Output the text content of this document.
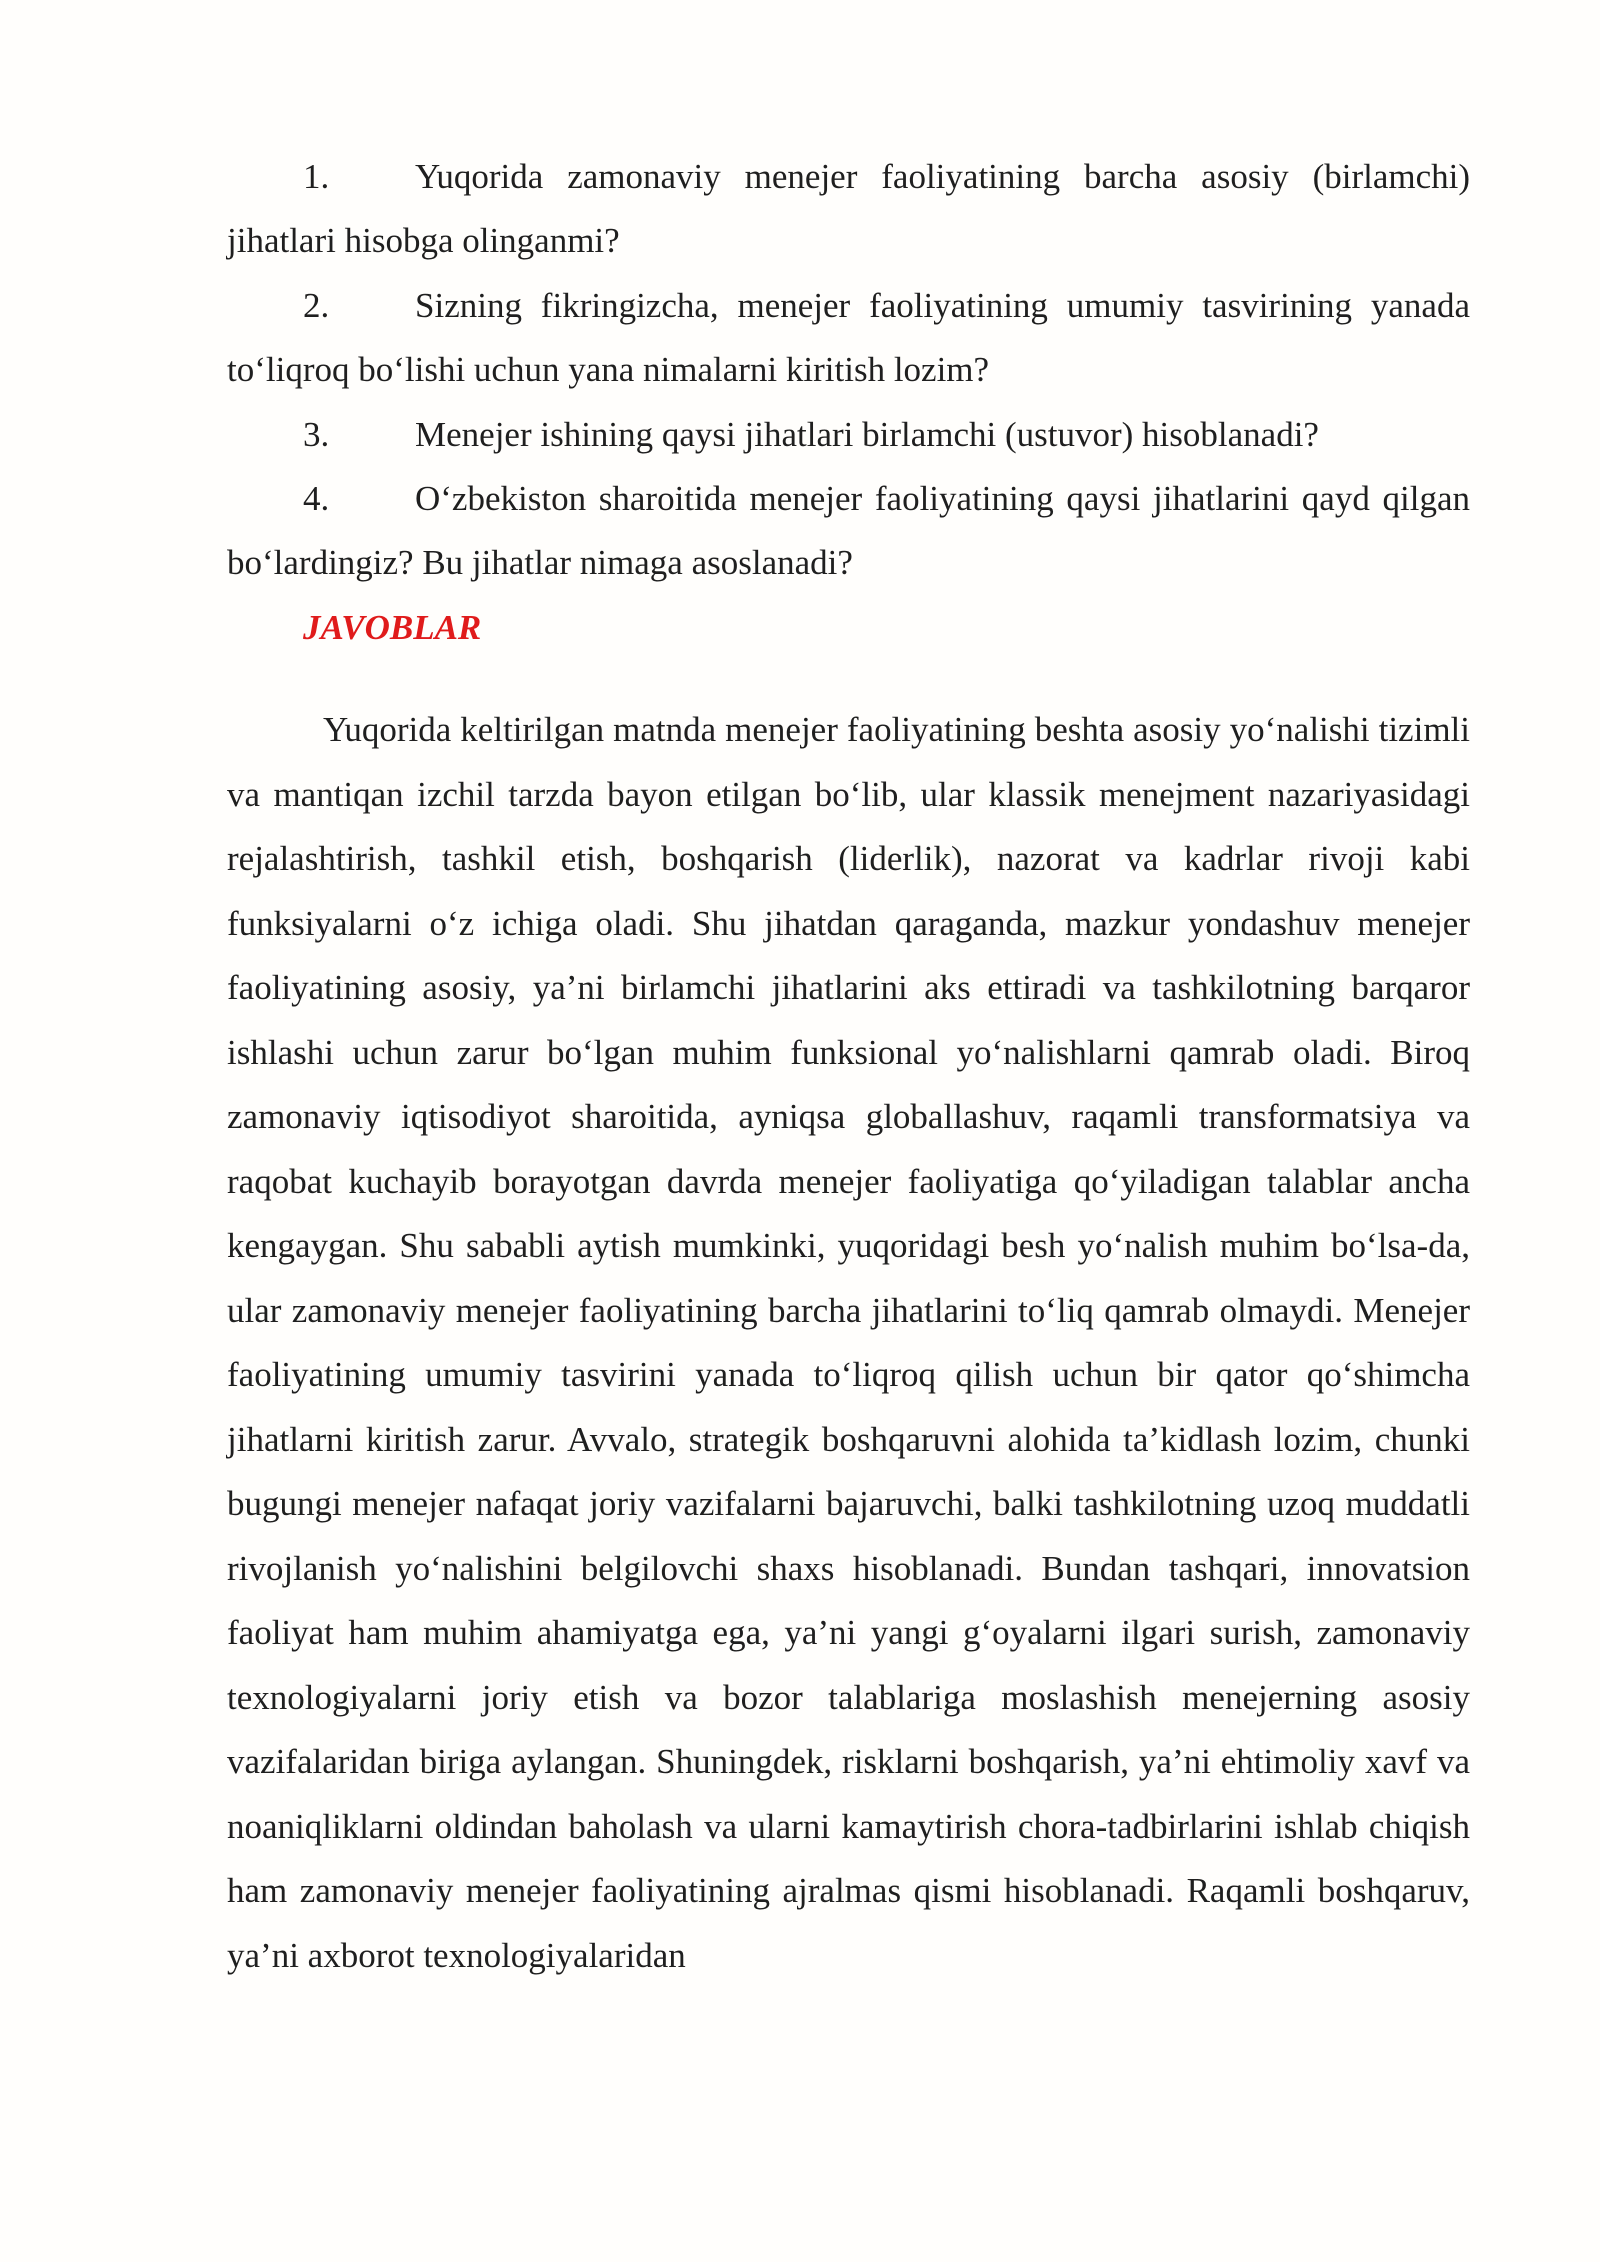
1. Yuqorida zamonaviy menejer faoliyatining barcha asosiy (birlamchi) jihatlari hisobga olinganmi?

2. Sizning fikringizcha, menejer faoliyatining umumiy tasvirining yanada to‘liqroq bo‘lishi uchun yana nimalarni kiritish lozim?

3. Menejer ishining qaysi jihatlari birlamchi (ustuvor) hisoblanadi?

4. O‘zbekiston sharoitida menejer faoliyatining qaysi jihatlarini qayd qilgan bo‘lardingiz? Bu jihatlar nimaga asoslanadi?

JAVOBLAR

Yuqorida keltirilgan matnda menejer faoliyatining beshta asosiy yo‘nalishi tizimli va mantiqan izchil tarzda bayon etilgan bo‘lib, ular klassik menejment nazariyasidagi rejalashtirish, tashkil etish, boshqarish (liderlik), nazorat va kadrlar rivoji kabi funksiyalarni o‘z ichiga oladi. Shu jihatdan qaraganda, mazkur yondashuv menejer faoliyatining asosiy, ya’ni birlamchi jihatlarini aks ettiradi va tashkilotning barqaror ishlashi uchun zarur bo‘lgan muhim funksional yo‘nalishlarni qamrab oladi. Biroq zamonaviy iqtisodiyot sharoitida, ayniqsa globallashuv, raqamli transformatsiya va raqobat kuchayib borayotgan davrda menejer faoliyatiga qo‘yiladigan talablar ancha kengaygan. Shu sababli aytish mumkinki, yuqoridagi besh yo‘nalish muhim bo‘lsa-da, ular zamonaviy menejer faoliyatining barcha jihatlarini to‘liq qamrab olmaydi. Menejer faoliyatining umumiy tasvirini yanada to‘liqroq qilish uchun bir qator qo‘shimcha jihatlarni kiritish zarur. Avvalo, strategik boshqaruvni alohida ta’kidlash lozim, chunki bugungi menejer nafaqat joriy vazifalarni bajaruvchi, balki tashkilotning uzoq muddatli rivojlanish yo‘nalishini belgilovchi shaxs hisoblanadi. Bundan tashqari, innovatsion faoliyat ham muhim ahamiyatga ega, ya’ni yangi g‘oyalarni ilgari surish, zamonaviy texnologiyalarni joriy etish va bozor talablariga moslashish menejerning asosiy vazifalaridan biriga aylangan. Shuningdek, risklarni boshqarish, ya’ni ehtimoliy xavf va noaniqliklarni oldindan baholash va ularni kamaytirish chora-tadbirlarini ishlab chiqish ham zamonaviy menejer faoliyatining ajralmas qismi hisoblanadi. Raqamli boshqaruv, ya’ni axborot texnologiyalaridan
